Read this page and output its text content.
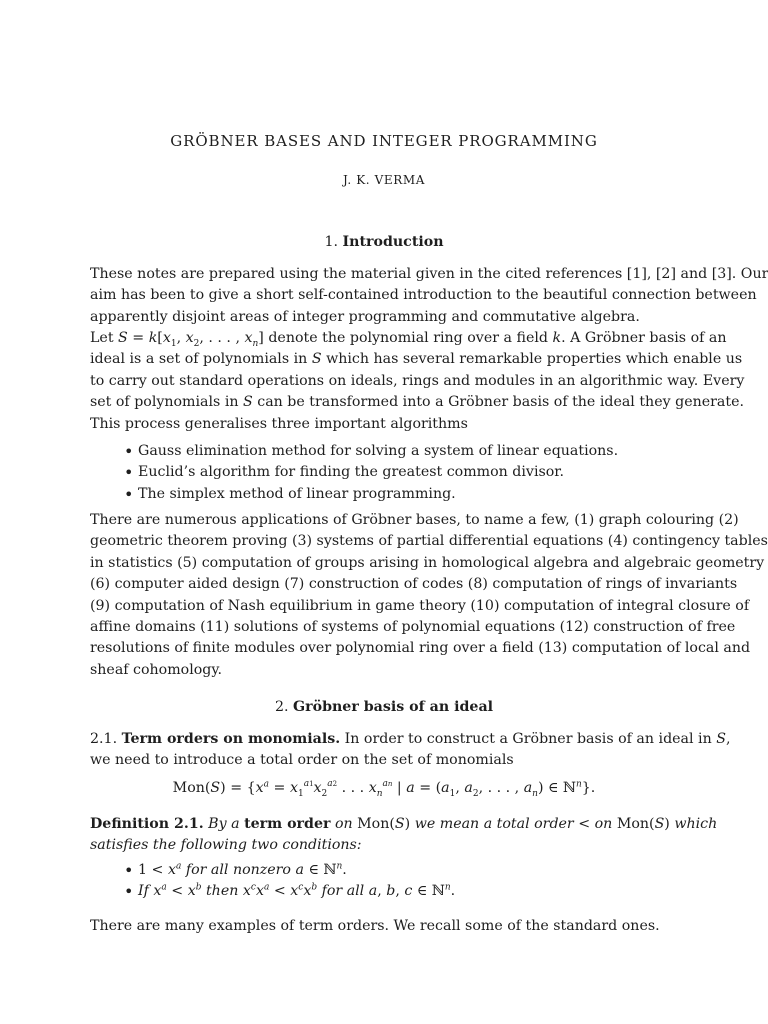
GRÖBNER BASES AND INTEGER PROGRAMMING
J. K. VERMA
1. Introduction
These notes are prepared using the material given in the cited references [1], [2] and [3]. Our
aim has been to give a short self-contained introduction to the beautiful connection between
apparently disjoint areas of integer programming and commutative algebra.
Let $S = k[x_1$, $x_2$, . . . , $x_n$] denote the polynomial ring over a field k. A Gröbner basis of an
ideal is a set of polynomials in S which has several remarkable properties which enable us
to carry out standard operations on ideals, rings and modules in an algorithmic way. Every
set of polynomials in S can be transformed into a Gröbner basis of the ideal they generate.
This process generalises three important algorithms
• Gauss elimination method for solving a system of linear equations.
• Euclid’s algorithm for finding the greatest common divisor.
• The simplex method of linear programming.
There are numerous applications of Gröbner bases, to name a few, (1) graph colouring (2)
geometric theorem proving (3) systems of partial differential equations (4) contingency tables
in statistics (5) computation of groups arising in homological algebra and algebraic geometry
(6) computer aided design (7) construction of codes (8) computation of rings of invariants
(9) computation of Nash equilibrium in game theory (10) computation of integral closure of
affine domains (11) solutions of systems of polynomial equations (12) construction of free
resolutions of finite modules over polynomial ring over a field (13) computation of local and
sheaf cohomology.
2. Gröbner basis of an ideal
2.1. Term orders on monomials. In order to construct a Gröbner basis of an ideal in S,
we need to introduce a total order on the set of monomials
$Mon(S) = \{x^a = x_1^{a1}x_2^{a2}$ . . . $x_n^{an}$ | $a = (a_1$, $a_2$, . . . , $a_n$) ∈ ℕ$^n$}.
Definition 2.1. By a term order on Mon(S) we mean a total order < on Mon(S) which
satisfies the following two conditions:
• $1 < x^a$ for all nonzero a ∈ ℕ$^n$.
• If $x^a < x^b$ then $x^cx^a < x^cx^b$ for all a, b, c ∈ ℕ$^n$.
There are many examples of term orders. We recall some of the standard ones.
